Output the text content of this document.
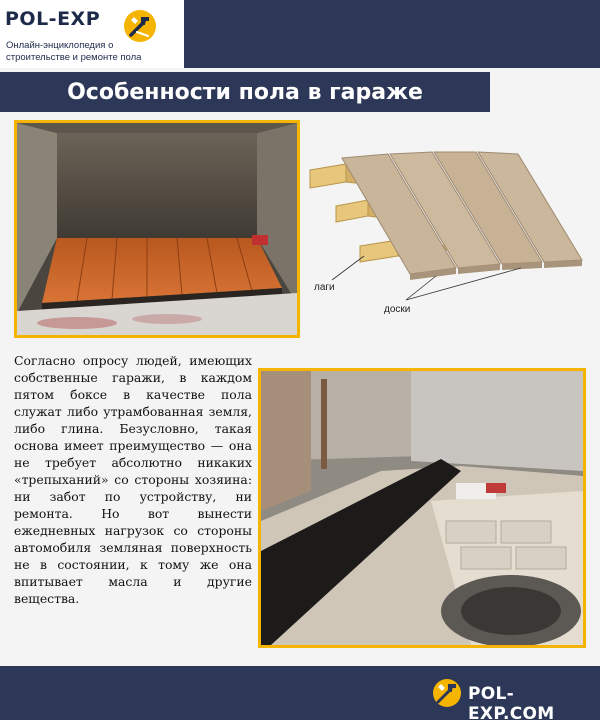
POL-EXP
Онлайн-энциклопедия о строительстве и ремонте пола
Особенности пола в гараже
лаги
доски

Согласно опросу людей, имеющих собственные гаражи, в каждом пятом боксе в качестве пола служат либо утрамбованная земля, либо глина. Безусловно, такая основа имеет преимущество — она не требует абсолютно никаких «трепыханий» со стороны хозяина: ни забот по устройству, ни ремонта. Но вот вынести ежедневных нагрузок со стороны автомобиля земляная поверхность не в состоянии, к тому же она впитывает масла и другие вещества.

POL-EXP.COM
